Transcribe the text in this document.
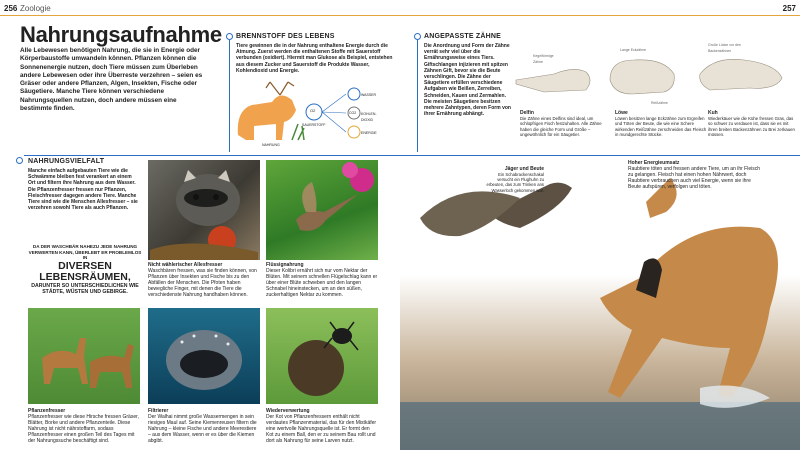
256 Zoologie	257
Nahrungsaufnahme
Alle Lebewesen benötigen Nahrung, die sie in Energie oder Körperbaustoffe umwandeln können. Pflanzen können die Sonnenenergie nutzen, doch Tiere müssen zum Überleben andere Lebewesen oder ihre Überreste verzehren – seien es Gräser oder andere Pflanzen, Algen, Insekten, Fische oder Säugetiere. Manche Tiere können verschiedene Nahrungsquellen nutzen, doch andere müssen eine bestimmte finden.
BRENNSTOFF DES LEBENS
Tiere gewinnen die in der Nahrung enthaltene Energie durch die Atmung. Zuerst werden die enthaltenen Stoffe mit Sauerstoff verbunden (oxidiert). Hiermit man Glukose als Beispiel, entstehen aus diesem Zucker und Sauerstoff die Produkte Wasser, Kohlendioxid und Energie.
O2
SAUERSTOFF
NAHRUNG
WASSER
CO2 KOHLEN-DIOXID
ENERGIE
ANGEPASSTE ZÄHNE
Die Anordnung und Form der Zähne verrät sehr viel über die Ernährungsweise eines Tiers. Giftschlangen injizieren mit spitzen Zähnen Gift, bevor sie die Beute verschlingen. Die Zähne der Säugetiere erfüllen verschiedene Aufgaben wie Beißen, Zerreiben, Schneiden, Kauen und Zermahlen. Die meisten Säugetiere besitzen mehrere Zahntypen, deren Form von ihrer Ernährung abhängt.
Kegelförmige Zähne
Lange Eckzähne
Reißzähne
Große Lücke vor den Backenzähnen
Delfin
Die Zähne eines Delfins sind ideal, um schlüpfrigen Fisch festzuhalten. Alle Zähne haben die gleiche Form und Größe – ungewöhnlich für ein Säugetier.
Löwe
Löwen besitzen lange Eckzähne zum Ergreifen und Töten der Beute, die wie eine Schere wirkenden Reißzähne zerschneiden das Fleisch in mundgerechte Stücke.
Kuh
Wiederkäuer wie die Kühe fressen Gras, das so schwer zu verdauen ist, dass sie es mit ihren breiten Backenzähnen zu Brei zerkauen müssen.
NAHRUNGSVIELFALT
Manche einfach aufgebauten Tiere wie die Schwämme bleiben fest verankert an einem Ort und filtern ihre Nahrung aus dem Wasser. Die Pflanzenfresser fressen nur Pflanzen, Fleischfresser dagegen andere Tiere. Manche Tiere sind wie die Menschen Allesfresser – sie verzehren sowohl Tiere als auch Pflanzen.
DA DER WASCHBÄR NAHEZU JEDE NAHRUNG VERWERTEN KANN, ÜBERLEBT ER PROBLEMLOS IN
DIVERSEN LEBENSRÄUMEN,
DARUNTER SO UNTERSCHIEDLICHEN WIE STÄDTE, WÜSTEN UND GEBIRGE.
Nicht wählerischer Allesfresser
Waschbären fressen, was sie finden können, von Pflanzen über Insekten und Fische bis zu den Abfällen der Menschen. Die Pfoten haben bewegliche Finger, mit denen die Tiere die verschiedenste Nahrung handhaben können.
Flüssignahrung
Dieser Kolibri ernährt sich nur vom Nektar der Blüten. Mit seinem schnellen Flügelschlag kann er über einer Blüte schweben und den langen Schnabel hineinstecken, um an den süßen, zuckerhaltigen Nektar zu kommen.
Pflanzenfresser
Pflanzenfresser wie diese Hirsche fressen Gräser, Blätter, Borke und andere Pflanzenteile. Diese Nahrung ist nicht nährstoffarm, sodass Pflanzenfresser einen großen Teil des Tages mit der Nahrungssuche beschäftigt sind.
Filtrierer
Der Walhai nimmt große Wassermengen in sein riesiges Maul auf. Seine Kiemenreusen filtern die Nahrung – kleine Fische und andere Meerestiere – aus dem Wasser, wenn er es über die Kiemen abgibt.
Wiederverwertung
Der Kot von Pflanzenfressern enthält nicht verdautes Pflanzenmaterial, das für den Mistkäfer eine wertvolle Nahrungsquelle ist. Er formt den Kot zu einem Ball, den er zu seinem Bau rollt und dort als Nahrung für seine Larven nutzt.
Jäger und Beute
Ein Schabrackenschakal versucht ein Flughuhn zu erbeuten, das zum Trinken ans Wasserloch gekommen war.
Hoher Energieumsatz
Raubtiere töten und fressen andere Tiere, um an ihr Fleisch zu gelangen. Fleisch hat einen hohen Nährwert, doch Raubtiere verbrauchen auch viel Energie, wenn sie ihre Beute aufspüren, verfolgen und töten.
